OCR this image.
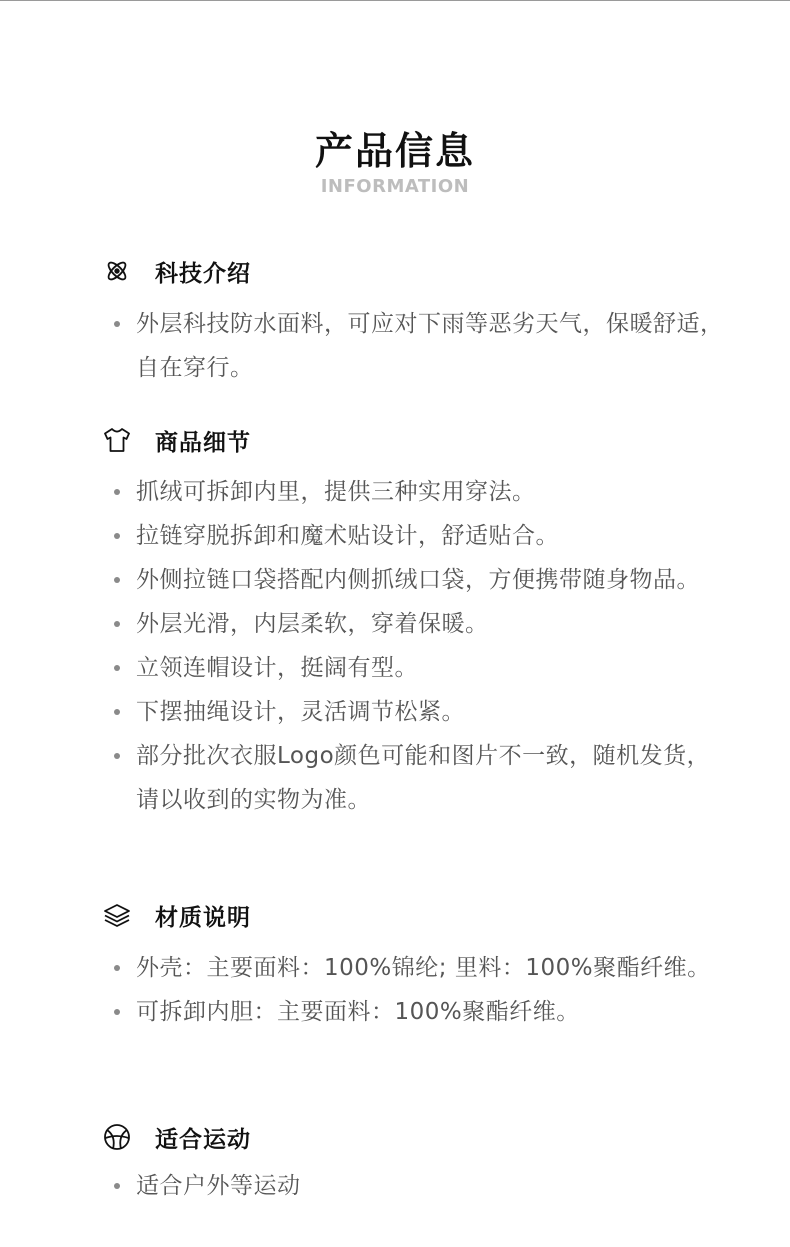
产品信息
INFORMATION
科技介绍
外层科技防水面料，可应对下雨等恶劣天气，保暖舒适，自在穿行。
商品细节
抓绒可拆卸内里，提供三种实用穿法。
拉链穿脱拆卸和魔术贴设计，舒适贴合。
外侧拉链口袋搭配内侧抓绒口袋，方便携带随身物品。
外层光滑，内层柔软，穿着保暖。
立领连帽设计，挺阔有型。
下摆抽绳设计，灵活调节松紧。
部分批次衣服Logo颜色可能和图片不一致，随机发货，请以收到的实物为准。
材质说明
外壳：主要面料：100%锦纶; 里料：100%聚酯纤维。
可拆卸内胆：主要面料：100%聚酯纤维。
适合运动
适合户外等运动
